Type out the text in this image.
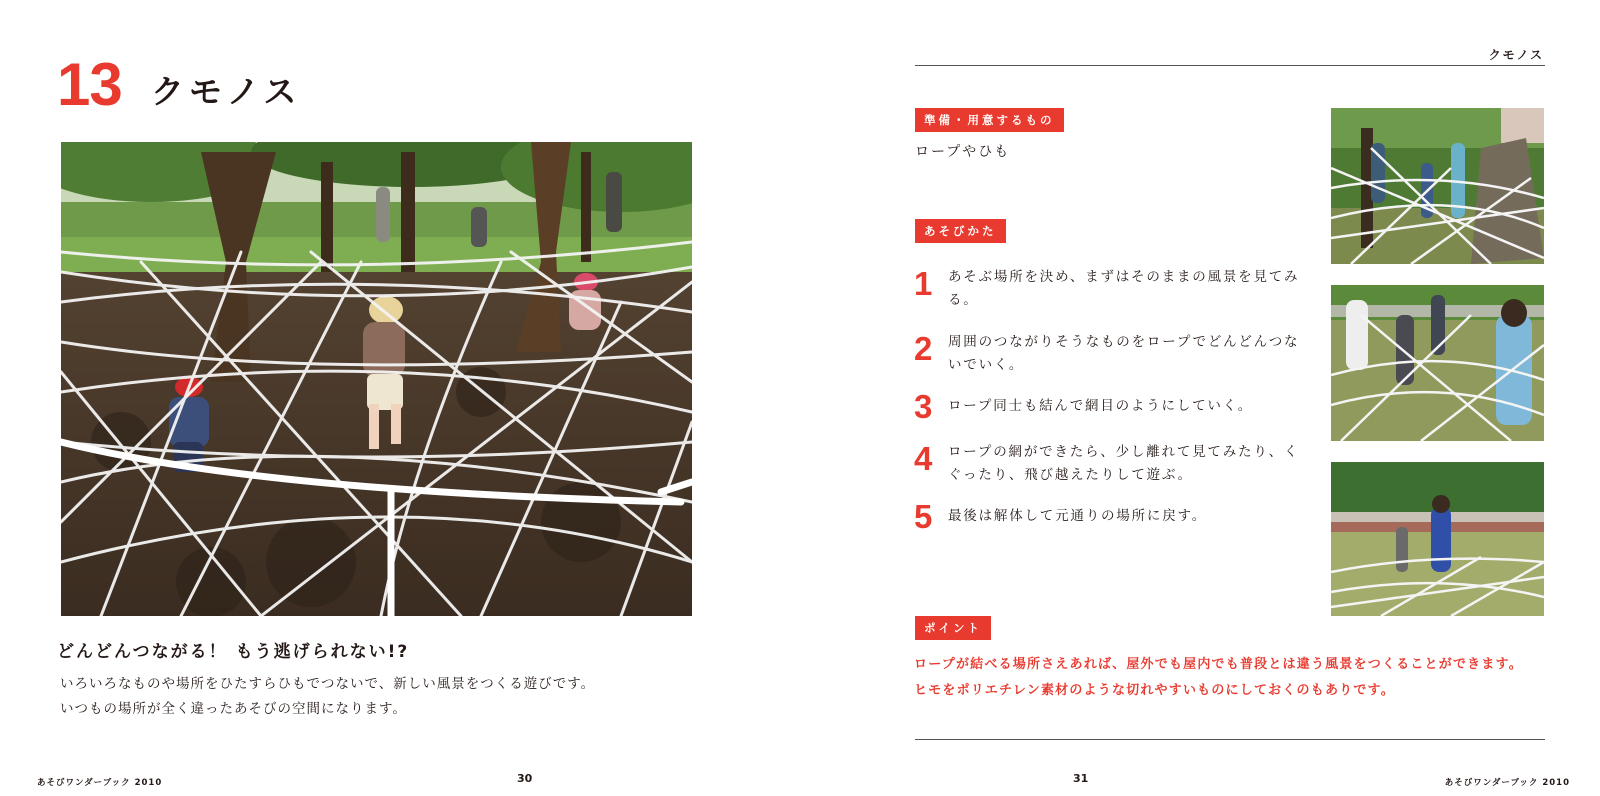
13 クモノス
どんどんつながる！ もう逃げられない!?
いろいろなものや場所をひたすらひもでつないで、新しい風景をつくる遊びです。
いつもの場所が全く違ったあそびの空間になります。
クモノス
準備・用意するもの
ロープやひも
あそびかた
1	あそぶ場所を決め、まずはそのままの風景を見てみる。
2	周囲のつながりそうなものをロープでどんどんつないでいく。
3	ロープ同士も結んで網目のようにしていく。
4	ロープの網ができたら、少し離れて見てみたり、くぐったり、飛び越えたりして遊ぶ。
5	最後は解体して元通りの場所に戻す。
ポイント
ロープが結べる場所さえあれば、屋外でも屋内でも普段とは違う風景をつくることができます。
ヒモをポリエチレン素材のような切れやすいものにしておくのもありです。
あそびワンダーブック 2010	30	31	あそびワンダーブック 2010
